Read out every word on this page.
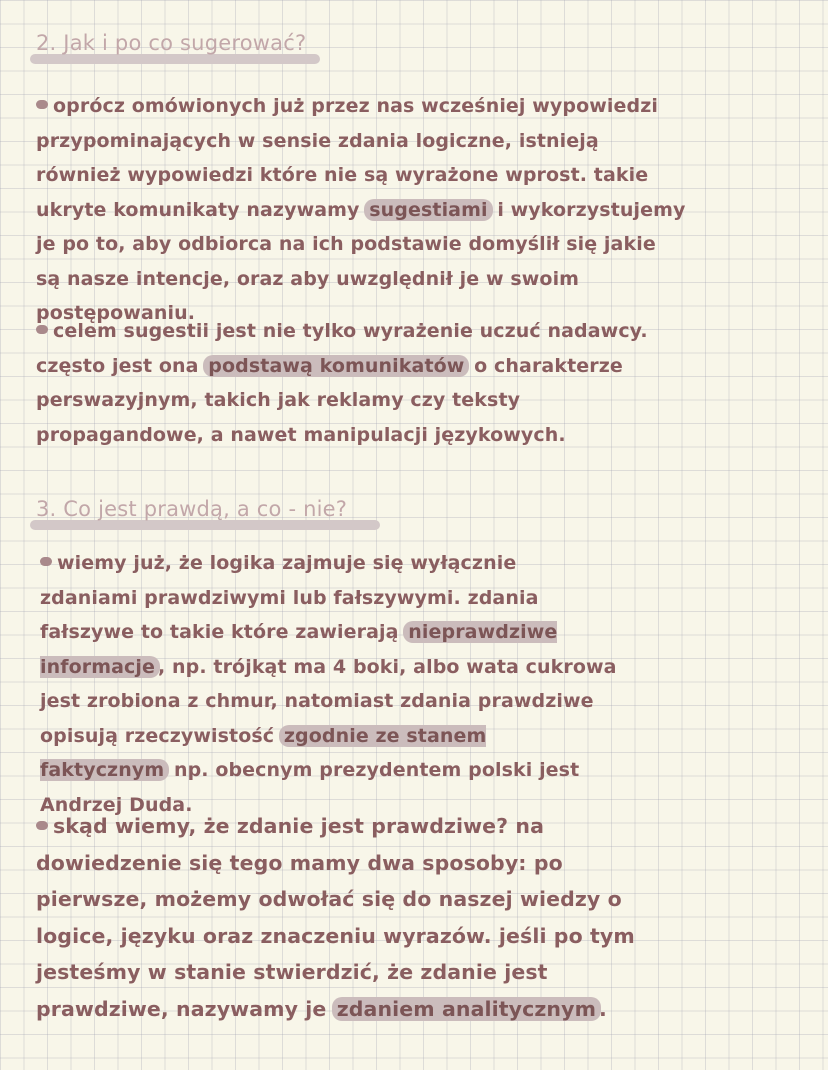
2. Jak i po co sugerować?

oprócz omówionych już przez nas wcześniej wypowiedzi przypominających w sensie zdania logiczne, istnieją również wypowiedzi które nie są wyrażone wprost. takie ukryte komunikaty nazywamy sugestiami i wykorzystujemy je po to, aby odbiorca na ich podstawie domyślił się jakie są nasze intencje, oraz aby uwzględnił je w swoim postępowaniu.

celem sugestii jest nie tylko wyrażenie uczuć nadawcy. często jest ona podstawą komunikatów o charakterze perswazyjnym, takich jak reklamy czy teksty propagandowe, a nawet manipulacji językowych.

3. Co jest prawdą, a co - nie?

wiemy już, że logika zajmuje się wyłącznie zdaniami prawdziwymi lub fałszywymi. zdania fałszywe to takie które zawierają nieprawdziwe informacje , np. trójkąt ma 4 boki, albo wata cukrowa jest zrobiona z chmur, natomiast zdania prawdziwe opisują rzeczywistość zgodnie ze stanem faktycznym np. obecnym prezydentem polski jest Andrzej Duda.

skąd wiemy, że zdanie jest prawdziwe? na dowiedzenie się tego mamy dwa sposoby: po pierwsze, możemy odwołać się do naszej wiedzy o logice, języku oraz znaczeniu wyrazów. jeśli po tym jesteśmy w stanie stwierdzić, że zdanie jest prawdziwe, nazywamy je zdaniem analitycznym .
